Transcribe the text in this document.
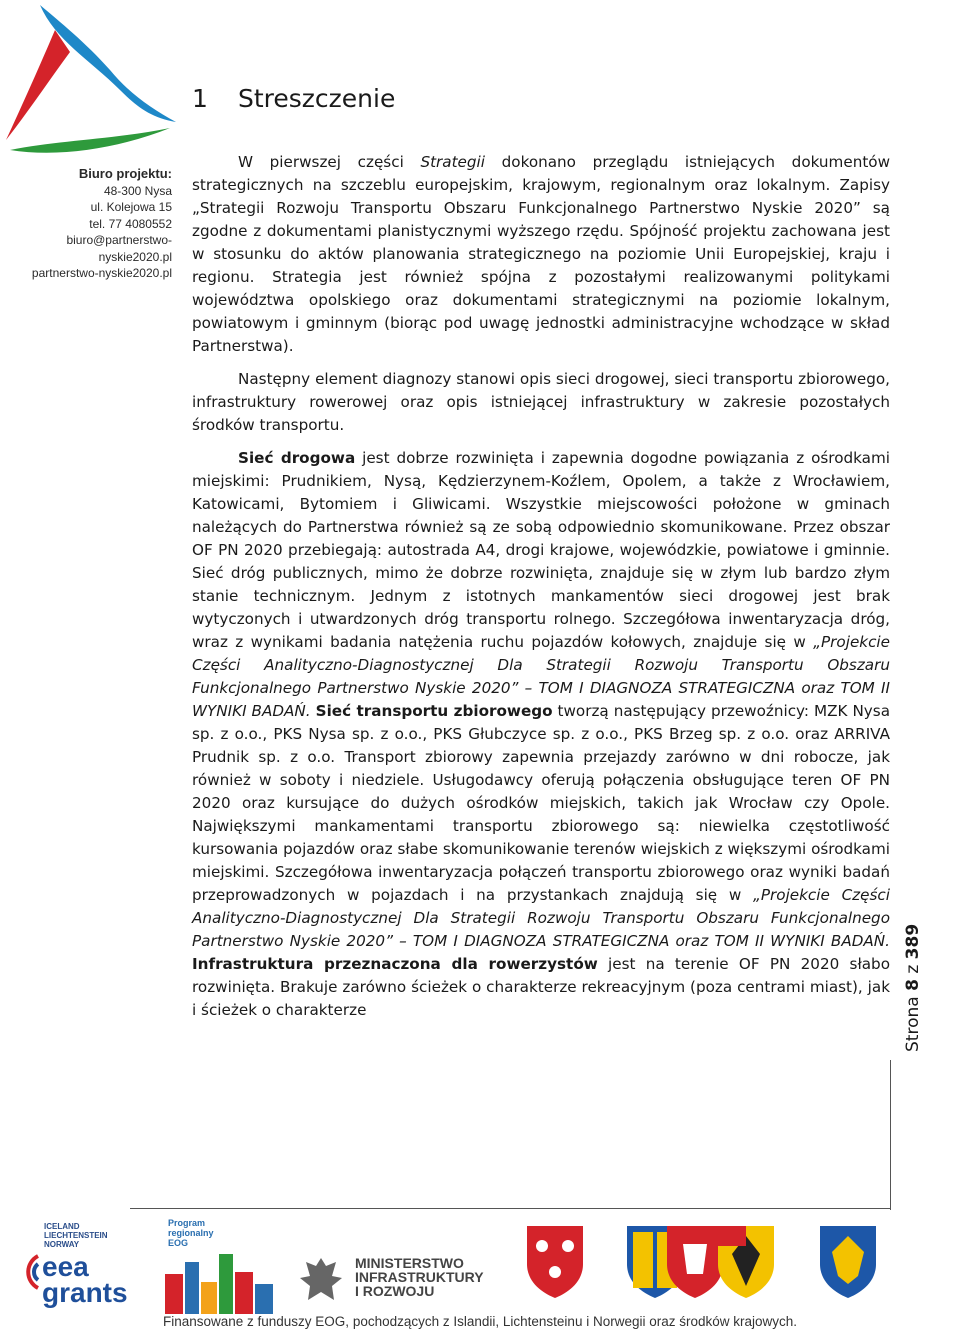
Biuro projektu:
48-300 Nysa
ul. Kolejowa 15
tel. 77 4080552
biuro@partnerstwo-nyskie2020.pl
partnerstwo-nyskie2020.pl
1 Streszczenie

W pierwszej części Strategii dokonano przeglądu istniejących dokumentów strategicznych na szczeblu europejskim, krajowym, regionalnym oraz lokalnym. Zapisy „Strategii Rozwoju Transportu Obszaru Funkcjonalnego Partnerstwo Nyskie 2020” są zgodne z dokumentami planistycznymi wyższego rzędu. Spójność projektu zachowana jest w stosunku do aktów planowania strategicznego na poziomie Unii Europejskiej, kraju i regionu. Strategia jest również spójna z pozostałymi realizowanymi politykami województwa opolskiego oraz dokumentami strategicznymi na poziomie lokalnym, powiatowym i gminnym (biorąc pod uwagę jednostki administracyjne wchodzące w skład Partnerstwa).

Następny element diagnozy stanowi opis sieci drogowej, sieci transportu zbiorowego, infrastruktury rowerowej oraz opis istniejącej infrastruktury w zakresie pozostałych środków transportu.

Sieć drogowa jest dobrze rozwinięta i zapewnia dogodne powiązania z ośrodkami miejskimi: Prudnikiem, Nysą, Kędzierzynem-Koźlem, Opolem, a także z Wrocławiem, Katowicami, Bytomiem i Gliwicami. Wszystkie miejscowości położone w gminach należących do Partnerstwa również są ze sobą odpowiednio skomunikowane. Przez obszar OF PN 2020 przebiegają: autostrada A4, drogi krajowe, wojewódzkie, powiatowe i gminnie. Sieć dróg publicznych, mimo że dobrze rozwinięta, znajduje się w złym lub bardzo złym stanie technicznym. Jednym z istotnych mankamentów sieci drogowej jest brak wytyczonych i utwardzonych dróg transportu rolnego. Szczegółowa inwentaryzacja dróg, wraz z wynikami badania natężenia ruchu pojazdów kołowych, znajduje się w „Projekcie Części Analityczno-Diagnostycznej Dla Strategii Rozwoju Transportu Obszaru Funkcjonalnego Partnerstwo Nyskie 2020” – TOM I DIAGNOZA STRATEGICZNA oraz TOM II WYNIKI BADAŃ. Sieć transportu zbiorowego tworzą następujący przewoźnicy: MZK Nysa sp. z o.o., PKS Nysa sp. z o.o., PKS Głubczyce sp. z o.o., PKS Brzeg sp. z o.o. oraz ARRIVA Prudnik sp. z o.o. Transport zbiorowy zapewnia przejazdy zarówno w dni robocze, jak również w soboty i niedziele. Usługodawcy oferują połączenia obsługujące teren OF PN 2020 oraz kursujące do dużych ośrodków miejskich, takich jak Wrocław czy Opole. Największymi mankamentami transportu zbiorowego są: niewielka częstotliwość kursowania pojazdów oraz słabe skomunikowanie terenów wiejskich z większymi ośrodkami miejskimi. Szczegółowa inwentaryzacja połączeń transportu zbiorowego oraz wyniki badań przeprowadzonych w pojazdach i na przystankach znajdują się w „Projekcie Części Analityczno-Diagnostycznej Dla Strategii Rozwoju Transportu Obszaru Funkcjonalnego Partnerstwo Nyskie 2020” – TOM I DIAGNOZA STRATEGICZNA oraz TOM II WYNIKI BADAŃ. Infrastruktura przeznaczona dla rowerzystów jest na terenie OF PN 2020 słabo rozwinięta. Brakuje zarówno ścieżek o charakterze rekreacyjnym (poza centrami miast), jak i ścieżek o charakterze	Strona 8 z 389
ICELAND
LIECHTENSTEIN
NORWAY
eea
grants
Program
regionalny
EOG
MINISTERSTWO
INFRASTRUKTURY
I ROZWOJU
Finansowane z funduszy EOG, pochodzących z Islandii, Lichtensteinu i Norwegii oraz środków krajowych.
